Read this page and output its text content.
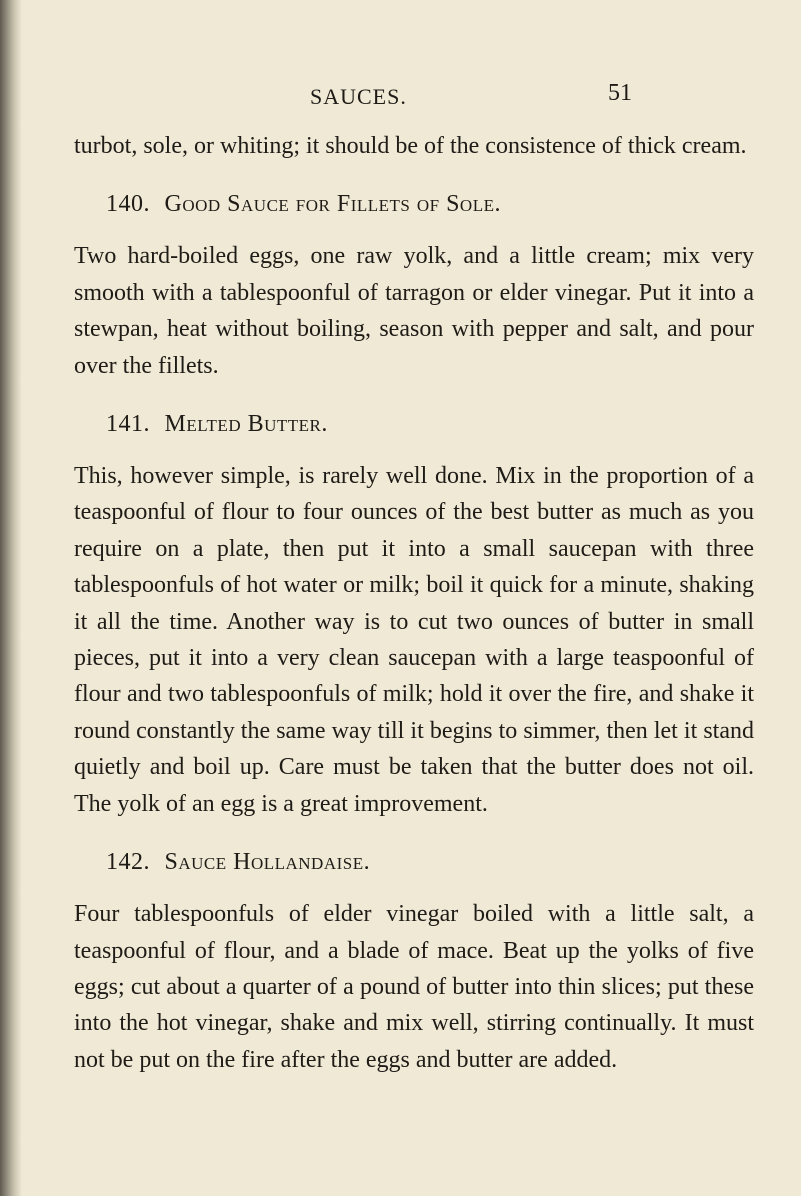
SAUCES.	51

turbot, sole, or whiting; it should be of the consistence of thick cream.

140. Good Sauce for Fillets of Sole.

Two hard-boiled eggs, one raw yolk, and a little cream; mix very smooth with a tablespoonful of tarragon or elder vinegar. Put it into a stewpan, heat without boiling, season with pepper and salt, and pour over the fillets.

141. Melted Butter.

This, however simple, is rarely well done. Mix in the proportion of a teaspoonful of flour to four ounces of the best butter as much as you require on a plate, then put it into a small saucepan with three tablespoonfuls of hot water or milk; boil it quick for a minute, shaking it all the time. Another way is to cut two ounces of butter in small pieces, put it into a very clean saucepan with a large teaspoonful of flour and two tablespoonfuls of milk; hold it over the fire, and shake it round constantly the same way till it begins to simmer, then let it stand quietly and boil up. Care must be taken that the butter does not oil. The yolk of an egg is a great improvement.

142. Sauce Hollandaise.

Four tablespoonfuls of elder vinegar boiled with a little salt, a teaspoonful of flour, and a blade of mace. Beat up the yolks of five eggs; cut about a quarter of a pound of butter into thin slices; put these into the hot vinegar, shake and mix well, stirring continually. It must not be put on the fire after the eggs and butter are added.
